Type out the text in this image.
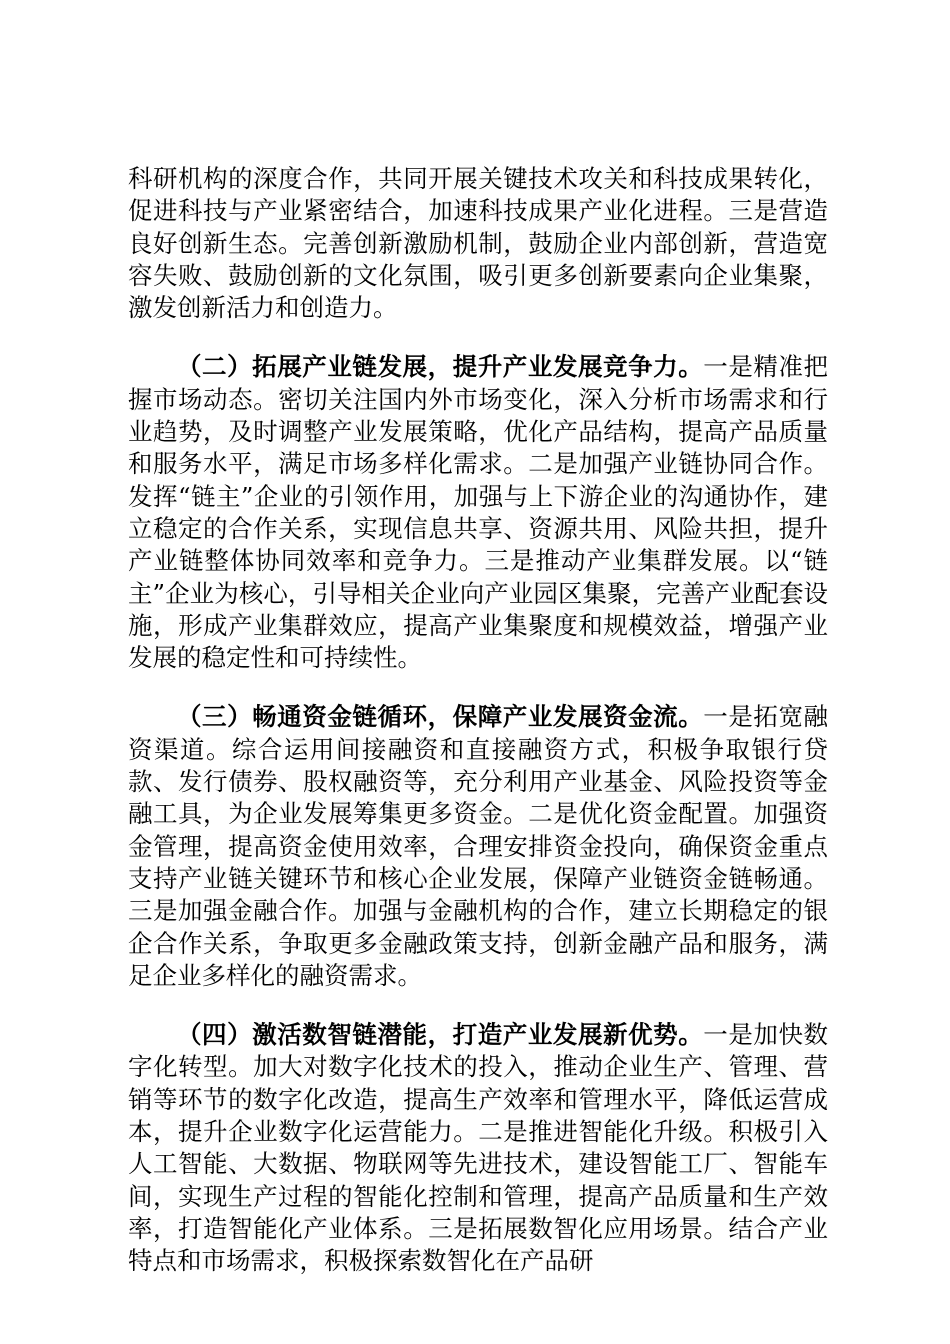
科研机构的深度合作，共同开展关键技术攻关和科技成果转化，促进科技与产业紧密结合，加速科技成果产业化进程。三是营造良好创新生态。完善创新激励机制，鼓励企业内部创新，营造宽容失败、鼓励创新的文化氛围，吸引更多创新要素向企业集聚，激发创新活力和创造力。

（二）拓展产业链发展，提升产业发展竞争力。一是精准把握市场动态。密切关注国内外市场变化，深入分析市场需求和行业趋势，及时调整产业发展策略，优化产品结构，提高产品质量和服务水平，满足市场多样化需求。二是加强产业链协同合作。发挥“链主”企业的引领作用，加强与上下游企业的沟通协作，建立稳定的合作关系，实现信息共享、资源共用、风险共担，提升产业链整体协同效率和竞争力。三是推动产业集群发展。以“链主”企业为核心，引导相关企业向产业园区集聚，完善产业配套设施，形成产业集群效应，提高产业集聚度和规模效益，增强产业发展的稳定性和可持续性。

（三）畅通资金链循环，保障产业发展资金流。一是拓宽融资渠道。综合运用间接融资和直接融资方式，积极争取银行贷款、发行债券、股权融资等，充分利用产业基金、风险投资等金融工具，为企业发展筹集更多资金。二是优化资金配置。加强资金管理，提高资金使用效率，合理安排资金投向，确保资金重点支持产业链关键环节和核心企业发展，保障产业链资金链畅通。三是加强金融合作。加强与金融机构的合作，建立长期稳定的银企合作关系，争取更多金融政策支持，创新金融产品和服务，满足企业多样化的融资需求。

（四）激活数智链潜能，打造产业发展新优势。一是加快数字化转型。加大对数字化技术的投入，推动企业生产、管理、营销等环节的数字化改造，提高生产效率和管理水平，降低运营成本，提升企业数字化运营能力。二是推进智能化升级。积极引入人工智能、大数据、物联网等先进技术，建设智能工厂、智能车间，实现生产过程的智能化控制和管理，提高产品质量和生产效率，打造智能化产业体系。三是拓展数智化应用场景。结合产业特点和市场需求，积极探索数智化在产品研
